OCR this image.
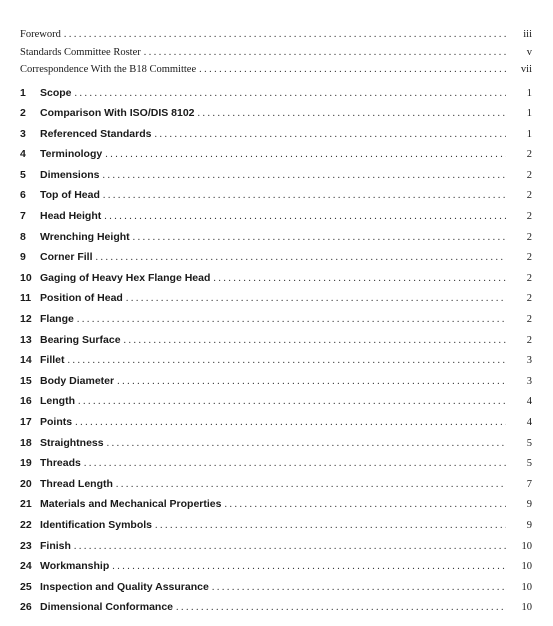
Foreword . . .	iii
Standards Committee Roster . . .	v
Correspondence With the B18 Committee . . .	vii
1	Scope . . .	1
2	Comparison With ISO/DIS 8102 . . .	1
3	Referenced Standards . . .	1
4	Terminology . . .	2
5	Dimensions . . .	2
6	Top of Head . . .	2
7	Head Height . . .	2
8	Wrenching Height . . .	2
9	Corner Fill . . .	2
10 Gaging of Heavy Hex Flange Head . . .	2
11 Position of Head . . .	2
12 Flange . . .	2
13 Bearing Surface . . .	2
14 Fillet . . .	3
15 Body Diameter . . .	3
16 Length . . .	4
17 Points . . .	4
18 Straightness . . .	5
19 Threads . . .	5
20 Thread Length . . .	7
21 Materials and Mechanical Properties . . .	9
22 Identification Symbols . . .	9
23 Finish . . .	10
24 Workmanship . . .	10
25 Inspection and Quality Assurance . . .	10
26 Dimensional Conformance . . .	10
